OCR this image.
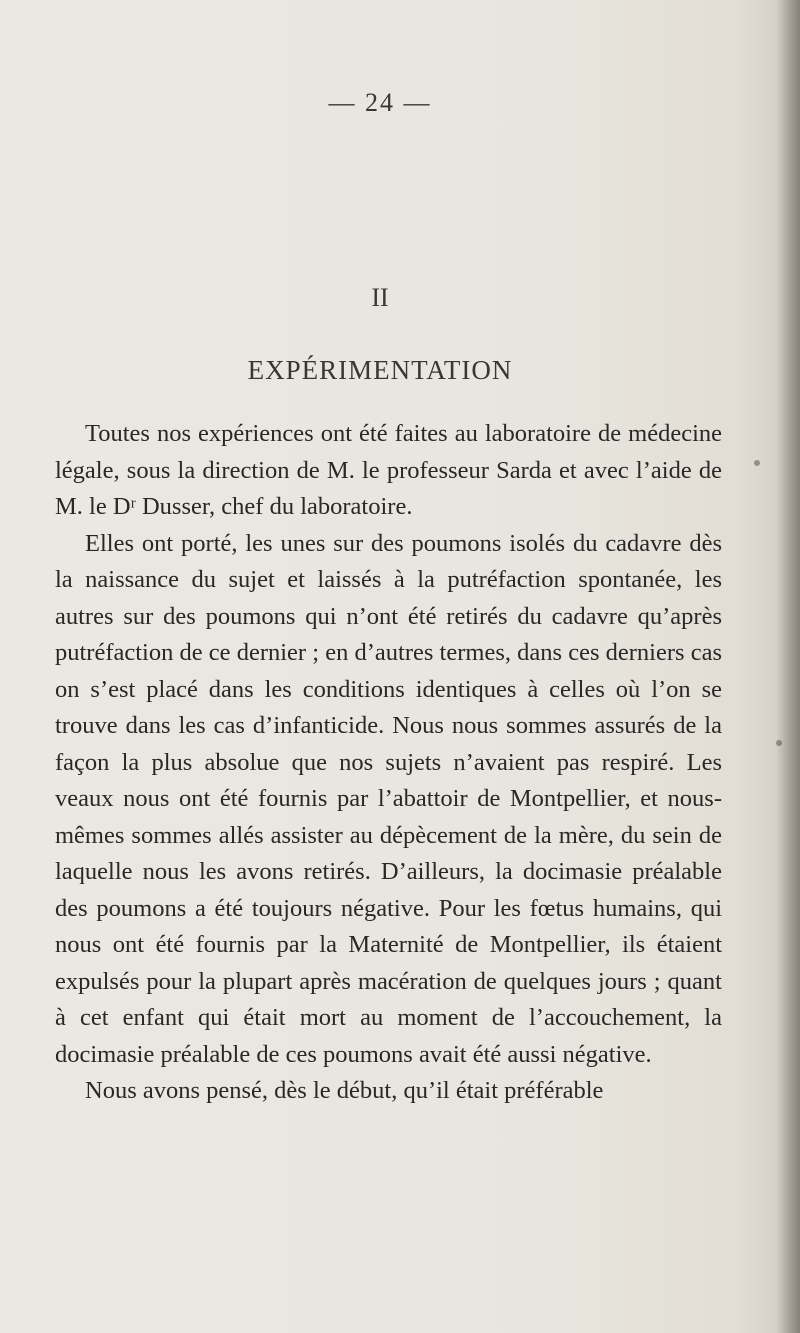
— 24 —
II
EXPÉRIMENTATION

Toutes nos expériences ont été faites au laboratoire de médecine légale, sous la direction de M. le professeur Sarda et avec l’aide de M. le Dʳ Dusser, chef du laboratoire.

Elles ont porté, les unes sur des poumons isolés du cadavre dès la naissance du sujet et laissés à la putréfaction spontanée, les autres sur des poumons qui n’ont été retirés du cadavre qu’après putréfaction de ce dernier ; en d’autres termes, dans ces derniers cas on s’est placé dans les conditions identiques à celles où l’on se trouve dans les cas d’infanticide. Nous nous sommes assurés de la façon la plus absolue que nos sujets n’avaient pas respiré. Les veaux nous ont été fournis par l’abattoir de Montpellier, et nous-mêmes sommes allés assister au dépècement de la mère, du sein de laquelle nous les avons retirés. D’ailleurs, la docimasie préalable des poumons a été toujours négative. Pour les fœtus humains, qui nous ont été fournis par la Maternité de Montpellier, ils étaient expulsés pour la plupart après macération de quelques jours ; quant à cet enfant qui était mort au moment de l’accouchement, la docimasie préalable de ces poumons avait été aussi négative.

Nous avons pensé, dès le début, qu’il était préférable
